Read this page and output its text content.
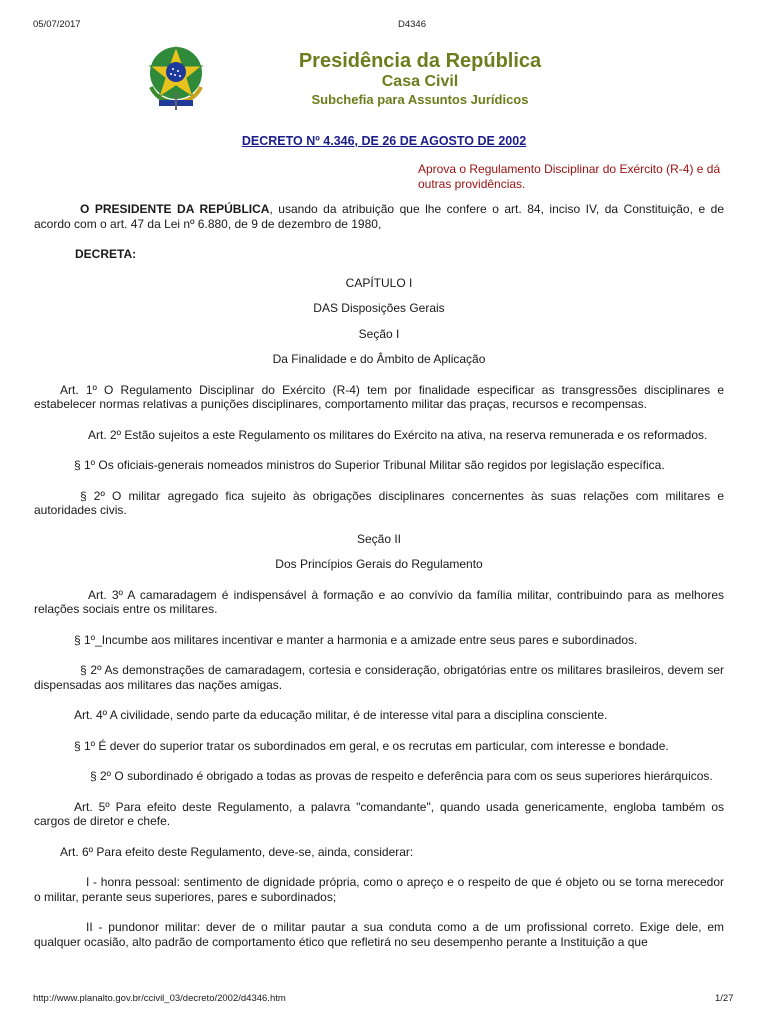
05/07/2017	D4346
Presidência da República
Casa Civil
Subchefia para Assuntos Jurídicos
DECRETO Nº 4.346, DE 26 DE AGOSTO DE 2002
Aprova o Regulamento Disciplinar do Exército (R-4) e dá outras providências.

O PRESIDENTE DA REPÚBLICA, usando da atribuição que lhe confere o art. 84, inciso IV, da Constituição, e de acordo com o art. 47 da Lei nº 6.880, de 9 de dezembro de 1980,

DECRETA:

CAPÍTULO I

DAS Disposições Gerais

Seção I

Da Finalidade e do Âmbito de Aplicação

Art. 1º O Regulamento Disciplinar do Exército (R-4) tem por finalidade especificar as transgressões disciplinares e estabelecer normas relativas a punições disciplinares, comportamento militar das praças, recursos e recompensas.

Art. 2º Estão sujeitos a este Regulamento os militares do Exército na ativa, na reserva remunerada e os reformados.

§ 1º Os oficiais-generais nomeados ministros do Superior Tribunal Militar são regidos por legislação específica.

§ 2º O militar agregado fica sujeito às obrigações disciplinares concernentes às suas relações com militares e autoridades civis.

Seção II

Dos Princípios Gerais do Regulamento

Art. 3º A camaradagem é indispensável à formação e ao convívio da família militar, contribuindo para as melhores relações sociais entre os militares.

§ 1º_Incumbe aos militares incentivar e manter a harmonia e a amizade entre seus pares e subordinados.

§ 2º As demonstrações de camaradagem, cortesia e consideração, obrigatórias entre os militares brasileiros, devem ser dispensadas aos militares das nações amigas.

Art. 4º A civilidade, sendo parte da educação militar, é de interesse vital para a disciplina consciente.

§ 1º É dever do superior tratar os subordinados em geral, e os recrutas em particular, com interesse e bondade.

§ 2º O subordinado é obrigado a todas as provas de respeito e deferência para com os seus superiores hierárquicos.

Art. 5º Para efeito deste Regulamento, a palavra "comandante", quando usada genericamente, engloba também os cargos de diretor e chefe.

Art. 6º Para efeito deste Regulamento, deve-se, ainda, considerar:

I - honra pessoal: sentimento de dignidade própria, como o apreço e o respeito de que é objeto ou se torna merecedor o militar, perante seus superiores, pares e subordinados;

II - pundonor militar: dever de o militar pautar a sua conduta como a de um profissional correto. Exige dele, em qualquer ocasião, alto padrão de comportamento ético que refletirá no seu desempenho perante a Instituição a que

http://www.planalto.gov.br/ccivil_03/decreto/2002/d4346.htm	1/27
